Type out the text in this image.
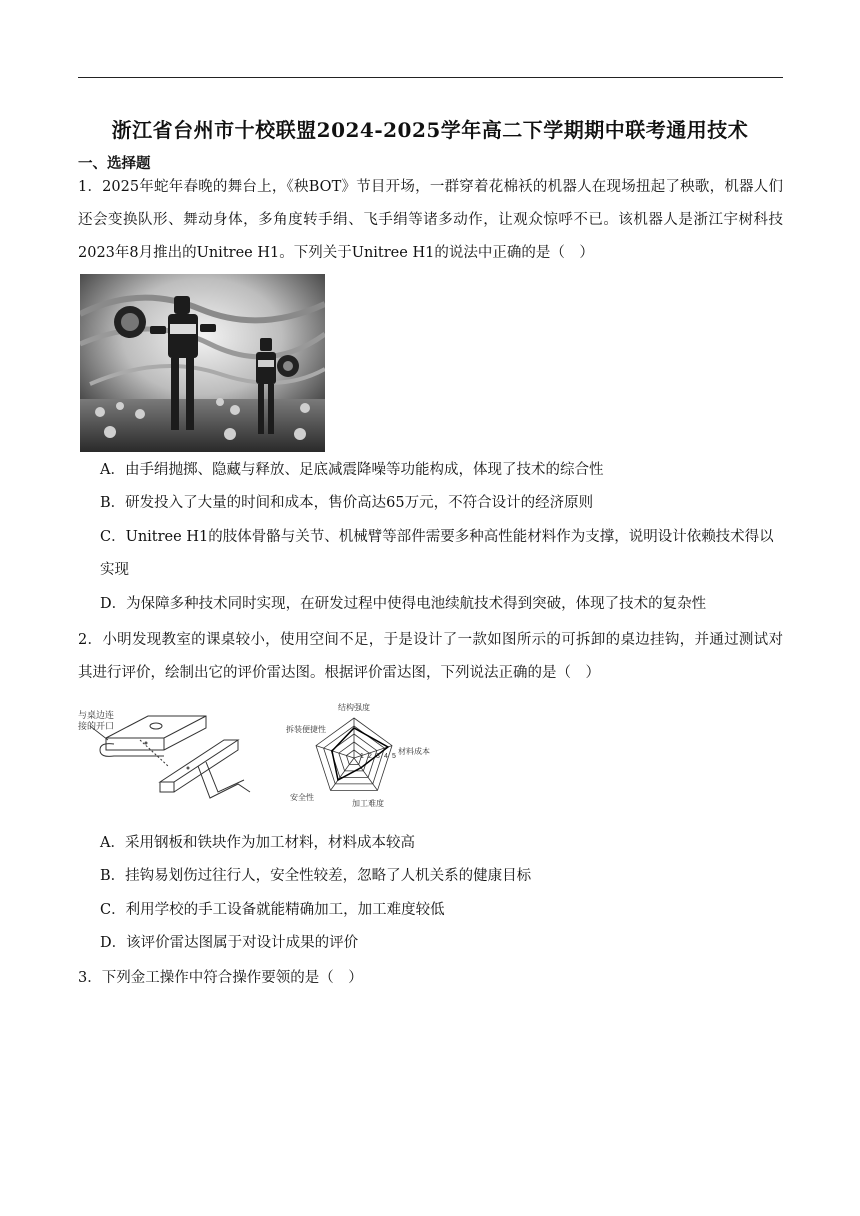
浙江省台州市十校联盟2024-2025学年高二下学期期中联考通用技术
一、选择题
1．2025年蛇年春晚的舞台上，《秧BOT》节目开场，一群穿着花棉袄的机器人在现场扭起了秧歌，机器人们还会变换队形、舞动身体，多角度转手绢、飞手绢等诸多动作，让观众惊呼不已。该机器人是浙江宇树科技2023年8月推出的Unitree H1。下列关于Unitree H1的说法中正确的是（　）
A．由手绢抛掷、隐藏与释放、足底减震降噪等功能构成，体现了技术的综合性
B．研发投入了大量的时间和成本，售价高达65万元，不符合设计的经济原则
C．Unitree H1的肢体骨骼与关节、机械臂等部件需要多种高性能材料作为支撑，说明设计依赖技术得以实现
D．为保障多种技术同时实现，在研发过程中使得电池续航技术得到突破，体现了技术的复杂性
2．小明发现教室的课桌较小，使用空间不足，于是设计了一款如图所示的可拆卸的桌边挂钩，并通过测试对其进行评价，绘制出它的评价雷达图。根据评价雷达图，下列说法正确的是（　）
与桌边连 接的开口
结构强度
材料成本
加工难度
安全性
拆装便捷性
1 2 3 4 5
A．采用钢板和铁块作为加工材料，材料成本较高
B．挂钩易划伤过往行人，安全性较差，忽略了人机关系的健康目标
C．利用学校的手工设备就能精确加工，加工难度较低
D．该评价雷达图属于对设计成果的评价
3．下列金工操作中符合操作要领的是（　）
